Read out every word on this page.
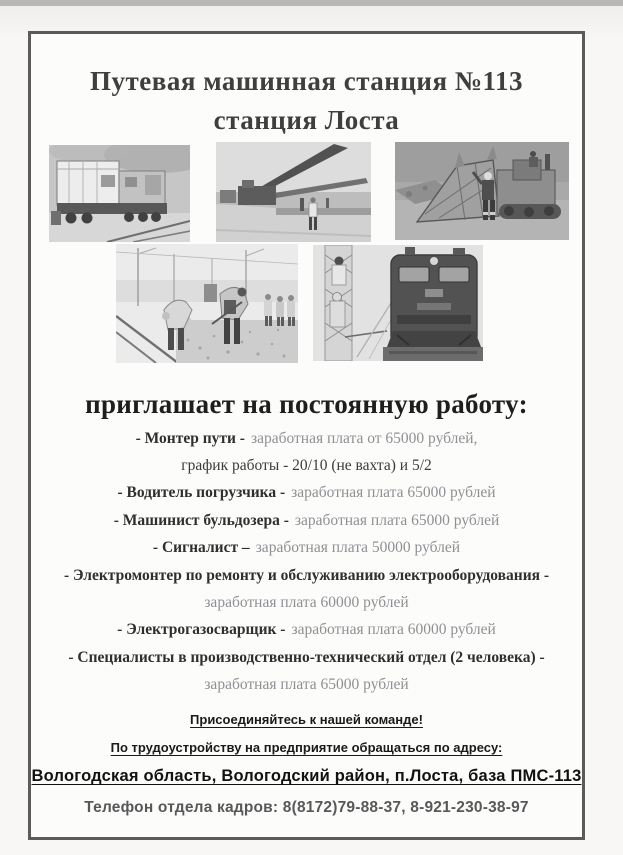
Путевая машинная станция №113
станция Лоста
приглашает на постоянную работу:
- Монтер пути - заработная плата от 65000 рублей,
график работы - 20/10 (не вахта) и 5/2
- Водитель погрузчика - заработная плата 65000 рублей
- Машинист бульдозера - заработная плата 65000 рублей
- Сигналист – заработная плата 50000 рублей
- Электромонтер по ремонту и обслуживанию электрооборудования -
заработная плата 60000 рублей
- Электрогазосварщик - заработная плата 60000 рублей
- Специалисты в производственно-технический отдел (2 человека) -
заработная плата 65000 рублей
Присоединяйтесь к нашей команде!
По трудоустройству на предприятие обращаться по адресу:
Вологодская область, Вологодский район, п.Лоста, база ПМС-113
Телефон отдела кадров: 8(8172)79-88-37, 8-921-230-38-97
